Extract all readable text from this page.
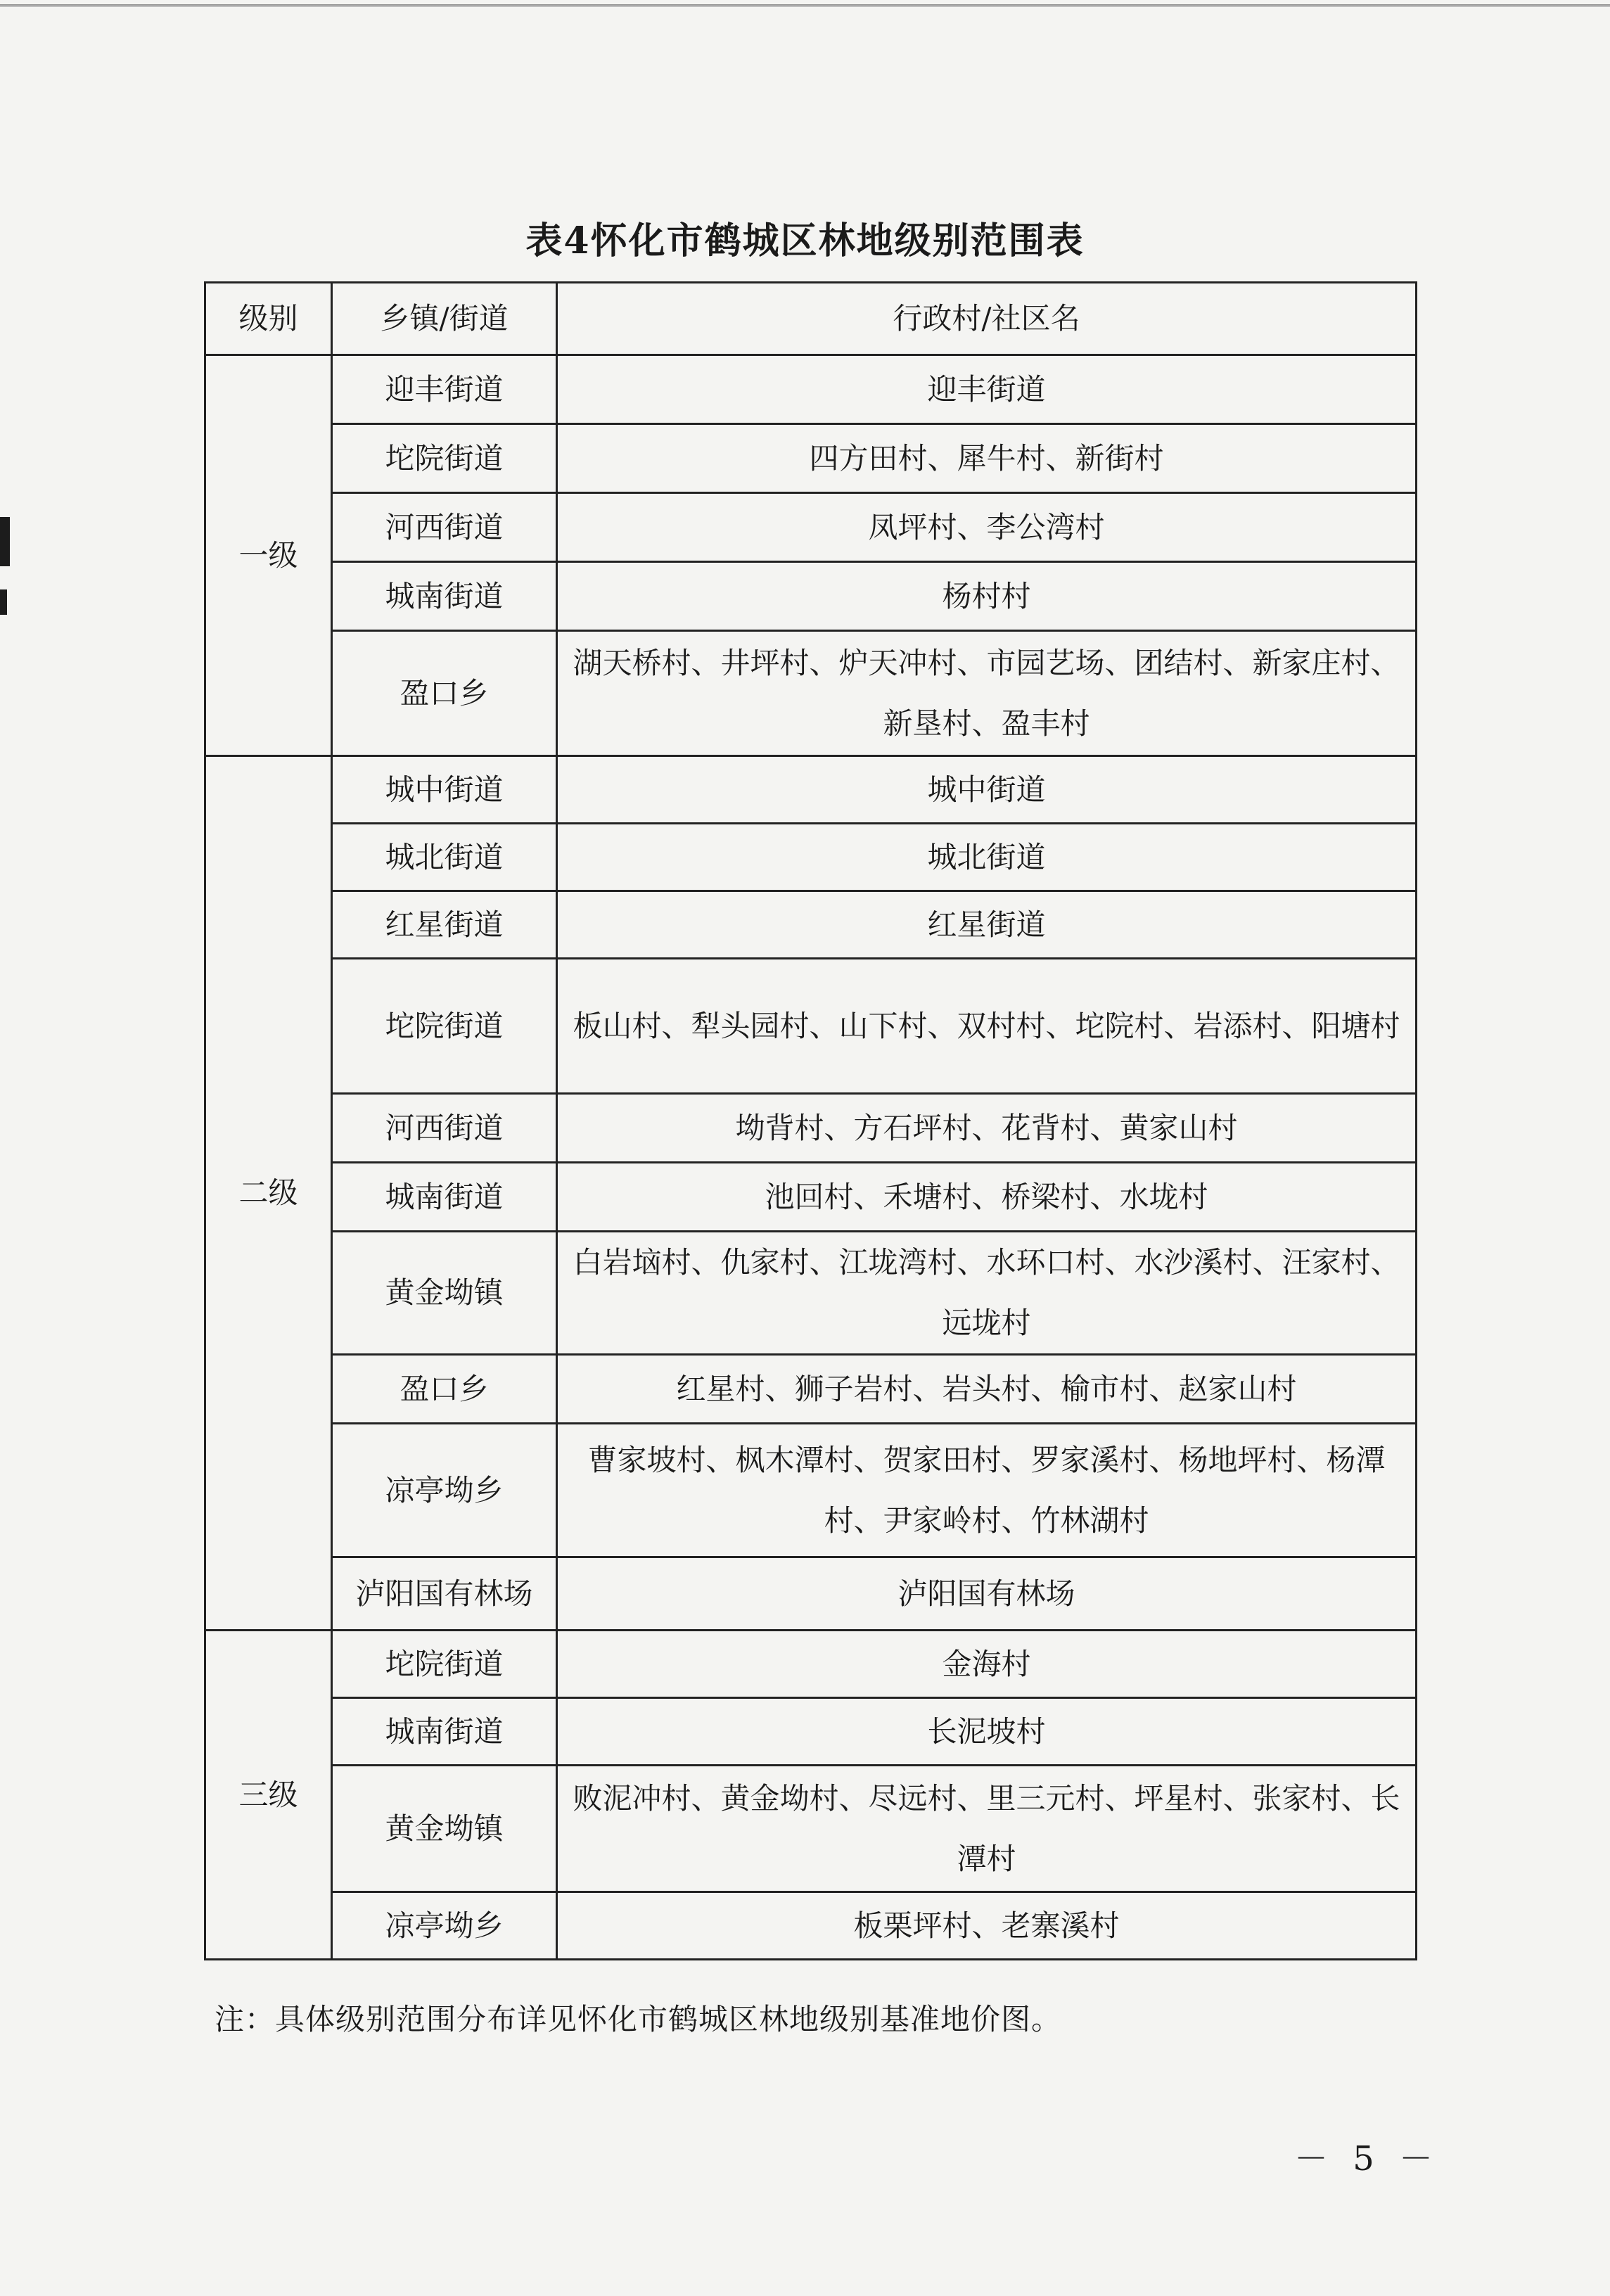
表4怀化市鹤城区林地级别范围表
级别	乡镇/街道	行政村/社区名
一级	迎丰街道	迎丰街道
	坨院街道	四方田村、犀牛村、新街村
	河西街道	凤坪村、李公湾村
	城南街道	杨村村
	盈口乡	湖天桥村、井坪村、炉天冲村、市园艺场、团结村、新家庄村、新垦村、盈丰村
二级	城中街道	城中街道
	城北街道	城北街道
	红星街道	红星街道
	坨院街道	板山村、犁头园村、山下村、双村村、坨院村、岩添村、阳塘村
	河西街道	坳背村、方石坪村、花背村、黄家山村
	城南街道	池回村、禾塘村、桥梁村、水垅村
	黄金坳镇	白岩垴村、仇家村、江垅湾村、水环口村、水沙溪村、汪家村、远垅村
	盈口乡	红星村、狮子岩村、岩头村、榆市村、赵家山村
	凉亭坳乡	曹家坡村、枫木潭村、贺家田村、罗家溪村、杨地坪村、杨潭村、尹家岭村、竹林湖村
	泸阳国有林场	泸阳国有林场
三级	坨院街道	金海村
	城南街道	长泥坡村
	黄金坳镇	败泥冲村、黄金坳村、尽远村、里三元村、坪星村、张家村、长潭村
	凉亭坳乡	板栗坪村、老寨溪村
注：具体级别范围分布详见怀化市鹤城区林地级别基准地价图。
－ 5 －
